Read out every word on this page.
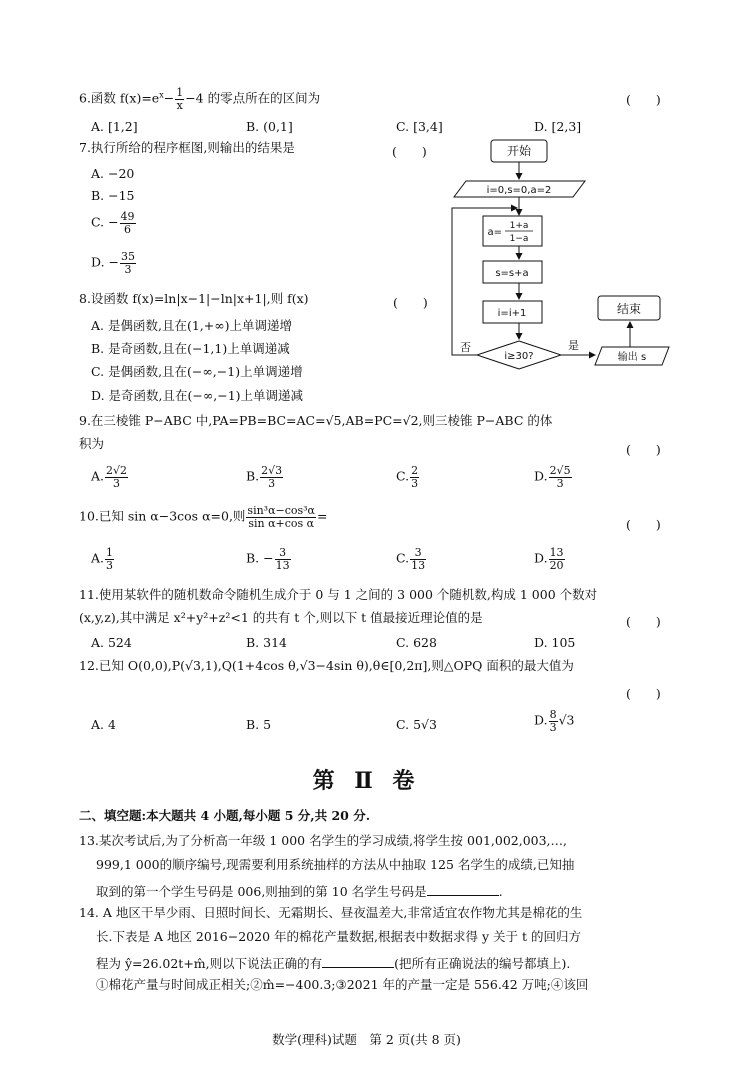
6.函数 $f(x)=e^x- \frac{1}{x} -4$ 的零点所在的区间为	(　　)
A. [1,2]	B. (0,1]	C. [3,4]	D. [2,3]
7.执行所给的程序框图,则输出的结果是	(　　)
A. −20
B. −15
C. − $\frac{49}{6}$
D. − $\frac{35}{3}$
开始
i=0,s=0,a=2
a=
1+a
1−a
s=s+a
i=i+1
i≥30?
否	是
输出 s
结束
8.设函数 f(x)=ln|x−1|−ln|x+1|,则 f(x)	(　　)
A. 是偶函数,且在(1,+∞)上单调递增
B. 是奇函数,且在(−1,1)上单调递减
C. 是偶函数,且在(−∞,−1)上单调递增
D. 是奇函数,且在(−∞,−1)上单调递减
9.在三棱锥 P−ABC 中,PA=PB=BC=AC=√5,AB=PC=√2,则三棱锥 P−ABC 的体
积为	(　　)
A. $\frac{2√2}{3}$	B. $\frac{2√3}{3}$	C. $\frac{2}{3}$	D. $\frac{2√5}{3}$
10.已知 sin α−3cos α=0,则 $\frac{\text{sin³α−cos³α}}{\text{sin α+cos α}}$ =
(　　)
A. $\frac{1}{3}$	B. − $\frac{3}{13}$	C. $\frac{3}{13}$	D. $\frac{13}{20}$
11.使用某软件的随机数命令随机生成介于 0 与 1 之间的 3 000 个随机数,构成 1 000 个数对
(x,y,z),其中满足 x²+y²+z²<1 的共有 t 个,则以下 t 值最接近理论值的是	(　　)
A. 524	B. 314	C. 628	D. 105
12.已知 O(0,0),P(√3,1),Q(1+4cos θ,√3−4sin θ),θ∈[0,2π],则△OPQ 面积的最大值为
(　　)
A. 4	B. 5	C. 5√3	D. $\frac{8}{3} √3$
第 Ⅱ 卷
二、填空题:本大题共 4 小题,每小题 5 分,共 20 分.
13.某次考试后,为了分析高一年级 1 000 名学生的学习成绩,将学生按 001,002,003,…,
999,1 000的顺序编号,现需要利用系统抽样的方法从中抽取 125 名学生的成绩,已知抽
取到的第一个学生号码是 006,则抽到的第 10 名学生号码是	.
14. A 地区干旱少雨、日照时间长、无霜期长、昼夜温差大,非常适宜农作物尤其是棉花的生
长.下表是 A 地区 2016−2020 年的棉花产量数据,根据表中数据求得 y 关于 t 的回归方
程为 ŷ=26.02t+m̂,则以下说法正确的有	(把所有正确说法的编号都填上).
①棉花产量与时间成正相关;②m̂=−400.3;③2021 年的产量一定是 556.42 万吨;④该回
数学(理科)试题　第 2 页(共 8 页)
